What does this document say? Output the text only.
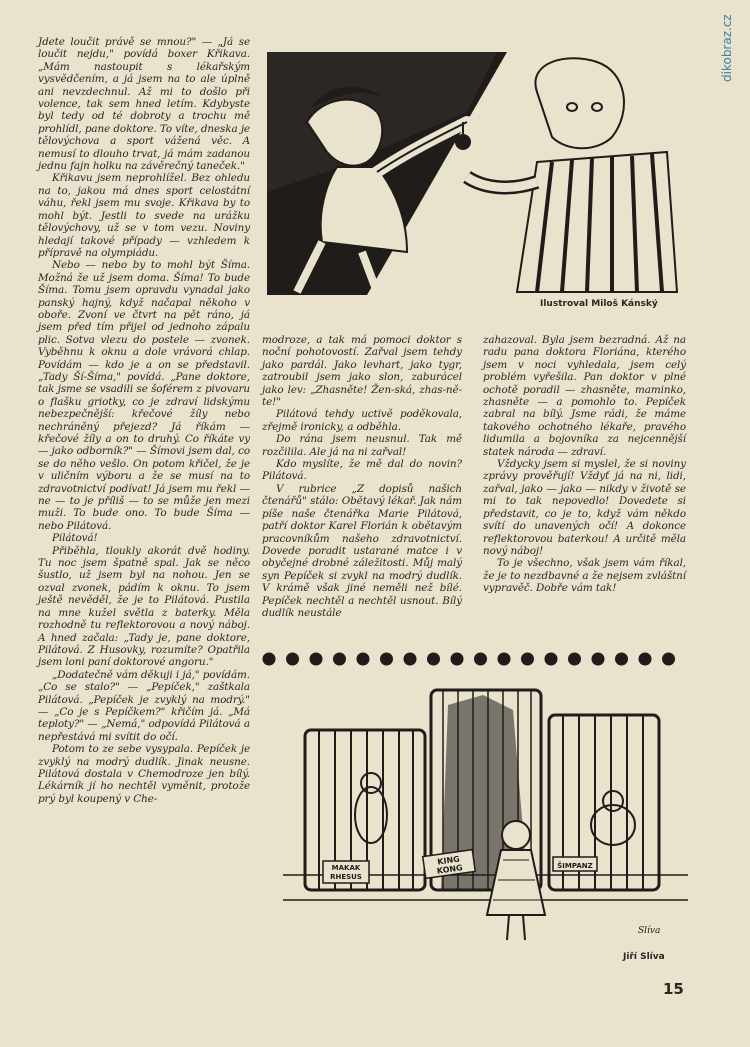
dikobraz.cz

Jdete loučit právě se mnou?" — „Já se loučit nejdu," povídá boxer Křikava. „Mám nastoupit s lékařským vysvědčením, a já jsem na to ale úplně ani nevzdechnul. Až mi to došlo při volence, tak sem hned letím. Kdybyste byl tedy od té dobroty a trochu mě prohlídl, pane doktore. To víte, dneska je tělovýchova a sport vážená věc. A nemusí to dlouho trvat, já mám zadanou jednu fajn holku na závěrečný taneček."

Křikavu jsem neprohlížel. Bez ohledu na to, jakou má dnes sport celostátní váhu, řekl jsem mu svoje. Křikava by to mohl být. Jestli to svede na urážku tělovýchovy, už se v tom vezu. Noviny hledají takové případy — vzhledem k přípravě na olympiádu.

Nebo — nebo by to mohl být Šíma. Možná že už jsem doma. Šíma! To bude Šíma. Tomu jsem opravdu vynadal jako panský hajný, když načapal někoho v oboře. Zvoní ve čtvrt na pět ráno, já jsem před tím přijel od jednoho zápalu plic. Sotva vlezu do postele — zvonek. Vyběhnu k oknu a dole vrávorá chlap. Povídám — kdo je a on se představil. „Tady Ší-Šíma," povídá. „Pane doktore, tak jsme se vsadili se šoférem z pivovaru o flašku griotky, co je zdraví lidskýmu nebezpečnější: křečové žíly nebo nechráněný přejezd? Já říkám — křečové žíly a on to druhý. Co říkáte vy — jako odborník?" — Šímovi jsem dal, co se do něho vešlo. On potom křičel, že je v uličním výboru a že se musí na to zdravotnictví podívat! Já jsem mu řekl — ne — to je příliš — to se může jen mezi muži. To bude ono. To bude Šíma — nebo Pilátová.

Pilátová!

Přiběhla, tloukly akorát dvě hodiny. Tu noc jsem špatně spal. Jak se něco šustlo, už jsem byl na nohou. Jen se ozval zvonek, pádím k oknu. To jsem ještě nevěděl, že je to Pilátová. Pustila na mne kužel světla z baterky. Měla rozhodně tu reflektorovou a nový náboj. A hned začala: „Tady je, pane doktore, Pilátová. Z Husovky, rozumíte? Opatřila jsem loni paní doktorové angoru."

„Dodatečně vám děkuji i já," povídám. „Co se stalo?" — „Pepíček," zaštkala Pilátová. „Pepíček je zvyklý na modrý." — „Co je s Pepíčkem?" křičím já. „Má teploty?" — „Nemá," odpovídá Pilátová a nepřestává mi svítit do očí.

Potom to ze sebe vysypala. Pepíček je zvyklý na modrý dudlík. Jinak neusne. Pilátová dostala v Chemodroze jen bílý. Lékárník jí ho nechtěl vyměnit, protože prý byl koupený v Che-

Ilustroval Miloš Kánský

modroze, a tak má pomoci doktor s noční pohotovostí. Zařval jsem tehdy jako pardál. Jako levhart, jako tygr, zatroubil jsem jako slon, zaburácel jako lev: „Zhasněte! Žen-ská, zhas-ně-te!"

Pilátová tehdy uctivě poděkovala, zřejmě ironicky, a odběhla.

Do rána jsem neusnul. Tak mě rozčilila. Ale já na ni zařval!

Kdo myslíte, že mě dal do novin? Pilátová.

V rubrice „Z dopisů našich čtenářů" stálo: Obětavý lékař. Jak nám píše naše čtenářka Marie Pilátová, patří doktor Karel Florián k obětavým pracovníkům našeho zdravotnictví. Dovede poradit ustarané matce i v obyčejné drobné záležitosti. Můj malý syn Pepíček si zvykl na modrý dudlík. V krámě však jiné neměli než bílé. Pepíček nechtěl a nechtěl usnout. Bílý dudlík neustále

zahazoval. Byla jsem bezradná. Až na radu pana doktora Floriána, kterého jsem v noci vyhledala, jsem celý problém vyřešila. Pan doktor v plné ochotě poradil — zhasněte, maminko, zhasněte — a pomohlo to. Pepíček zabral na bílý. Jsme rádi, že máme takového ochotného lékaře, pravého lidumila a bojovníka za nejcennější statek národa — zdraví.

Vždycky jsem si myslel, že si noviny zprávy prověřují! Vždyť já na ni, lidi, zařval, jako — jako — nikdy v životě se mi to tak nepovedlo! Dovedete si představit, co je to, když vám někdo svítí do unavených očí! A dokonce reflektorovou baterkou! A určitě měla nový náboj!

To je všechno, však jsem vám říkal, že je to nezdbavné a že nejsem zvláštní vypravěč. Dobře vám tak!

MAKAK
RHESUS
KING
KONG	ŠIMPANZ
Slíva
Jiří Slíva
15
